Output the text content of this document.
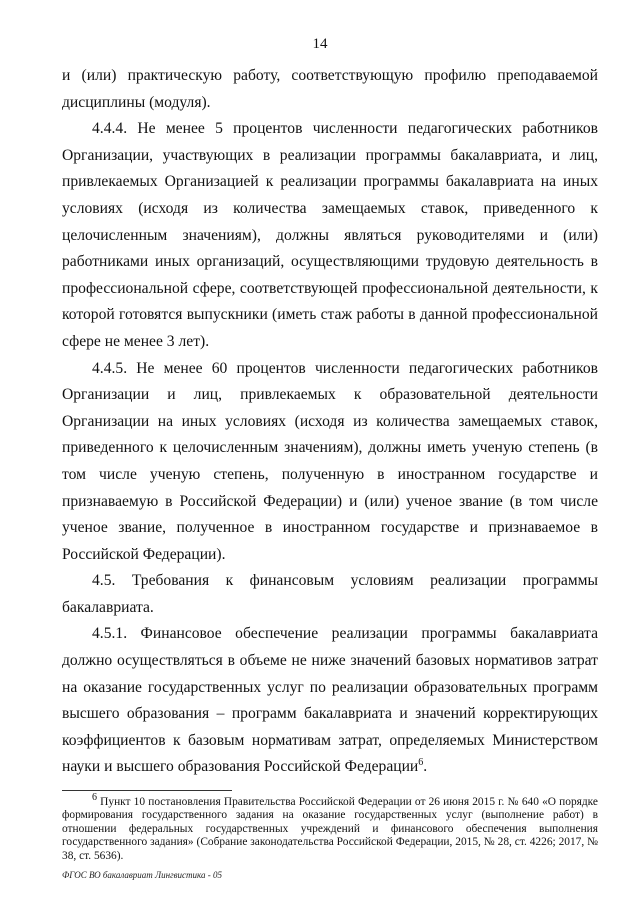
14

и (или) практическую работу, соответствующую профилю преподаваемой дисциплины (модуля).

4.4.4. Не менее 5 процентов численности педагогических работников Организации, участвующих в реализации программы бакалавриата, и лиц, привлекаемых Организацией к реализации программы бакалавриата на иных условиях (исходя из количества замещаемых ставок, приведенного к целочисленным значениям), должны являться руководителями и (или) работниками иных организаций, осуществляющими трудовую деятельность в профессиональной сфере, соответствующей профессиональной деятельности, к которой готовятся выпускники (иметь стаж работы в данной профессиональной сфере не менее 3 лет).

4.4.5. Не менее 60 процентов численности педагогических работников Организации и лиц, привлекаемых к образовательной деятельности Организации на иных условиях (исходя из количества замещаемых ставок, приведенного к целочисленным значениям), должны иметь ученую степень (в том числе ученую степень, полученную в иностранном государстве и признаваемую в Российской Федерации) и (или) ученое звание (в том числе ученое звание, полученное в иностранном государстве и признаваемое в Российской Федерации).

4.5. Требования к финансовым условиям реализации программы бакалавриата.

4.5.1. Финансовое обеспечение реализации программы бакалавриата должно осуществляться в объеме не ниже значений базовых нормативов затрат на оказание государственных услуг по реализации образовательных программ высшего образования – программ бакалавриата и значений корректирующих коэффициентов к базовым нормативам затрат, определяемых Министерством науки и высшего образования Российской Федерации$^6$.

$^6$ Пункт 10 постановления Правительства Российской Федерации от 26 июня 2015 г. № 640 «О порядке формирования государственного задания на оказание государственных услуг (выполнение работ) в отношении федеральных государственных учреждений и финансового обеспечения выполнения государственного задания» (Собрание законодательства Российской Федерации, 2015, № 28, ст. 4226; 2017, № 38, ст. 5636).

ФГОС ВО бакалавриат Лингвистика - 05
